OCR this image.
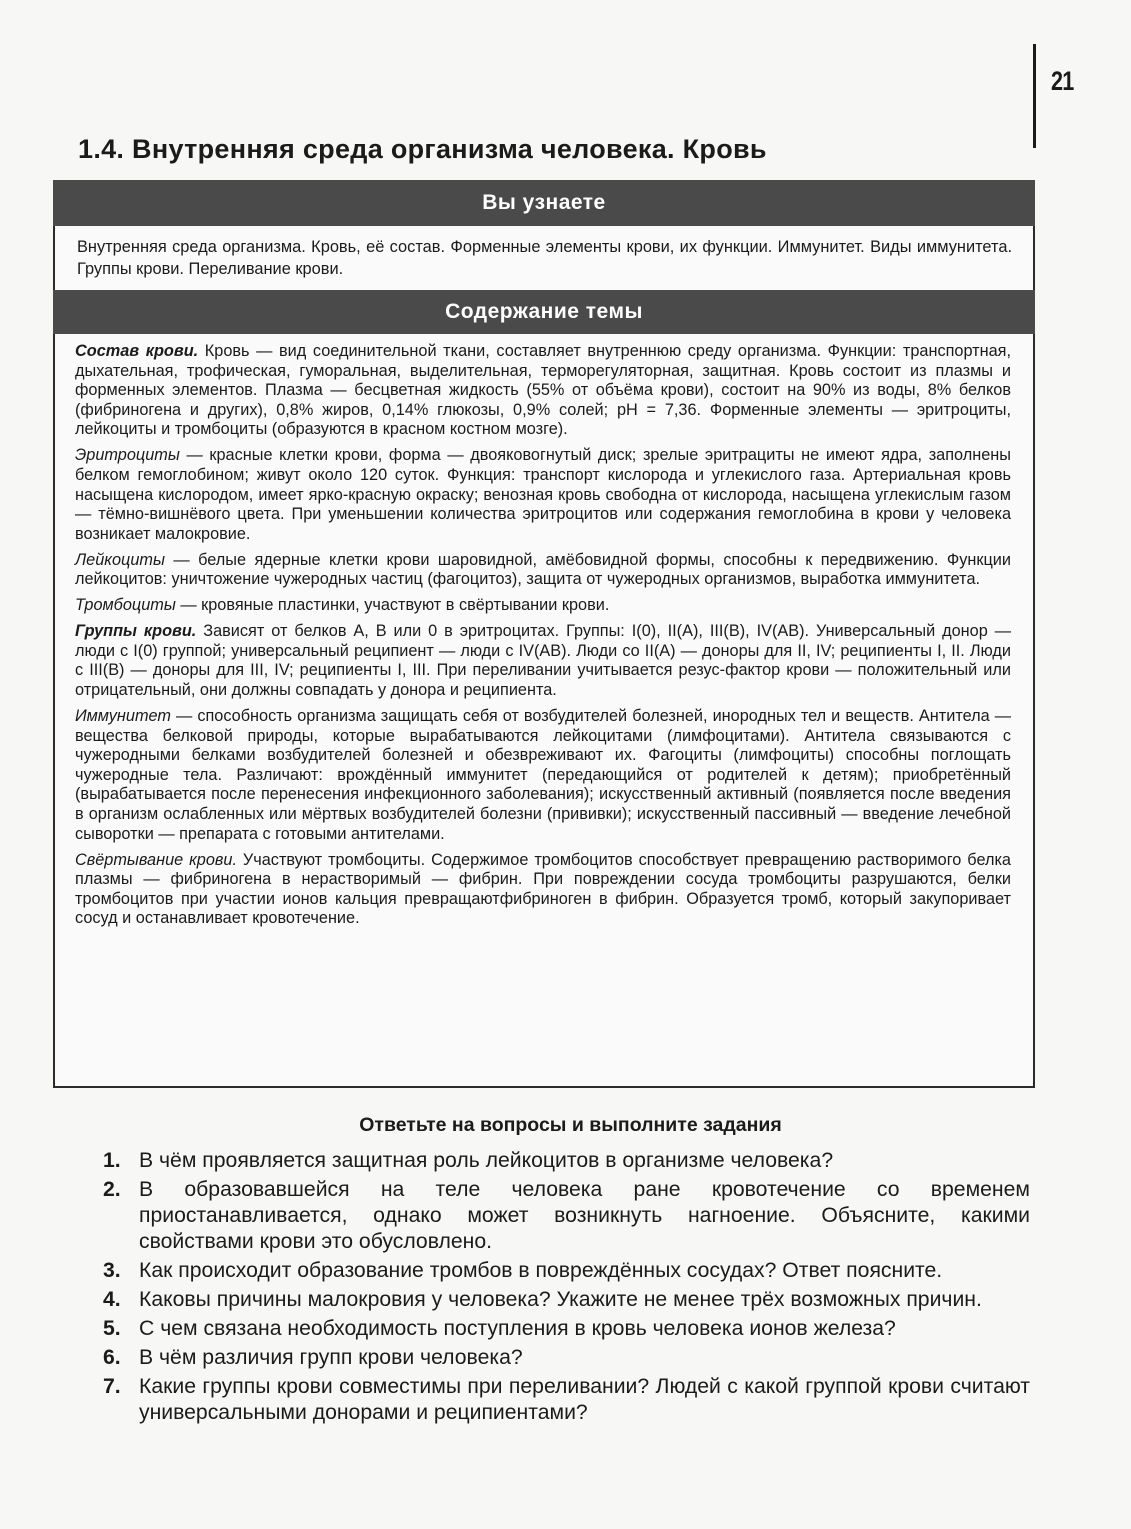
21
1.4. Внутренняя среда организма человека. Кровь
Вы узнаете
Внутренняя среда организма. Кровь, её состав. Форменные элементы крови, их функции. Иммунитет. Виды иммунитета. Группы крови. Переливание крови.
Содержание темы

Состав крови. Кровь — вид соединительной ткани, составляет внутреннюю среду организма. Функции: транспортная, дыхательная, трофическая, гуморальная, выделительная, терморегуляторная, защитная. Кровь состоит из плазмы и форменных элементов. Плазма — бесцветная жидкость (55% от объёма крови), состоит на 90% из воды, 8% белков (фибриногена и других), 0,8% жиров, 0,14% глюкозы, 0,9% солей; pH = 7,36. Форменные элементы — эритроциты, лейкоциты и тромбоциты (образуются в красном костном мозге).

Эритроциты — красные клетки крови, форма — двояковогнутый диск; зрелые эритрациты не имеют ядра, заполнены белком гемоглобином; живут около 120 суток. Функция: транспорт кислорода и углекислого газа. Артериальная кровь насыщена кислородом, имеет ярко-красную окраску; венозная кровь свободна от кислорода, насыщена углекислым газом — тёмно-вишнёвого цвета. При уменьшении количества эритроцитов или содержания гемоглобина в крови у человека возникает малокровие.

Лейкоциты — белые ядерные клетки крови шаровидной, амёбовидной формы, способны к передвижению. Функции лейкоцитов: уничтожение чужеродных частиц (фагоцитоз), защита от чужеродных организмов, выработка иммунитета.

Тромбоциты — кровяные пластинки, участвуют в свёртывании крови.

Группы крови. Зависят от белков А, В или 0 в эритроцитах. Группы: I(0), II(A), III(B), IV(AB). Универсальный донор — люди с I(0) группой; универсальный реципиент — люди с IV(AB). Люди со II(A) — доноры для II, IV; реципиенты I, II. Люди с III(B) — доноры для III, IV; реципиенты I, III. При переливании учитывается резус-фактор крови — положительный или отрицательный, они должны совпадать у донора и реципиента.

Иммунитет — способность организма защищать себя от возбудителей болезней, инородных тел и веществ. Антитела — вещества белковой природы, которые вырабатываются лейкоцитами (лимфоцитами). Антитела связываются с чужеродными белками возбудителей болезней и обезвреживают их. Фагоциты (лимфоциты) способны поглощать чужеродные тела. Различают: врождённый иммунитет (передающийся от родителей к детям); приобретённый (вырабатывается после перенесения инфекционного заболевания); искусственный активный (появляется после введения в организм ослабленных или мёртвых возбудителей болезни (прививки); искусственный пассивный — введение лечебной сыворотки — препарата с готовыми антителами.

Свёртывание крови. Участвуют тромбоциты. Содержимое тромбоцитов способствует превращению растворимого белка плазмы — фибриногена в нерастворимый — фибрин. При повреждении сосуда тромбоциты разрушаются, белки тромбоцитов при участии ионов кальция превращаютфибриноген в фибрин. Образуется тромб, который закупоривает сосуд и останавливает кровотечение.

Ответьте на вопросы и выполните задания
1. В чём проявляется защитная роль лейкоцитов в организме человека?
2. В образовавшейся на теле человека ране кровотечение со временем приостанавливается, однако может возникнуть нагноение. Объясните, какими свойствами крови это обусловлено.
3. Как происходит образование тромбов в повреждённых сосудах? Ответ поясните.
4. Каковы причины малокровия у человека? Укажите не менее трёх возможных причин.
5. С чем связана необходимость поступления в кровь человека ионов железа?
6. В чём различия групп крови человека?
7. Какие группы крови совместимы при переливании? Людей с какой группой крови считают универсальными донорами и реципиентами?
